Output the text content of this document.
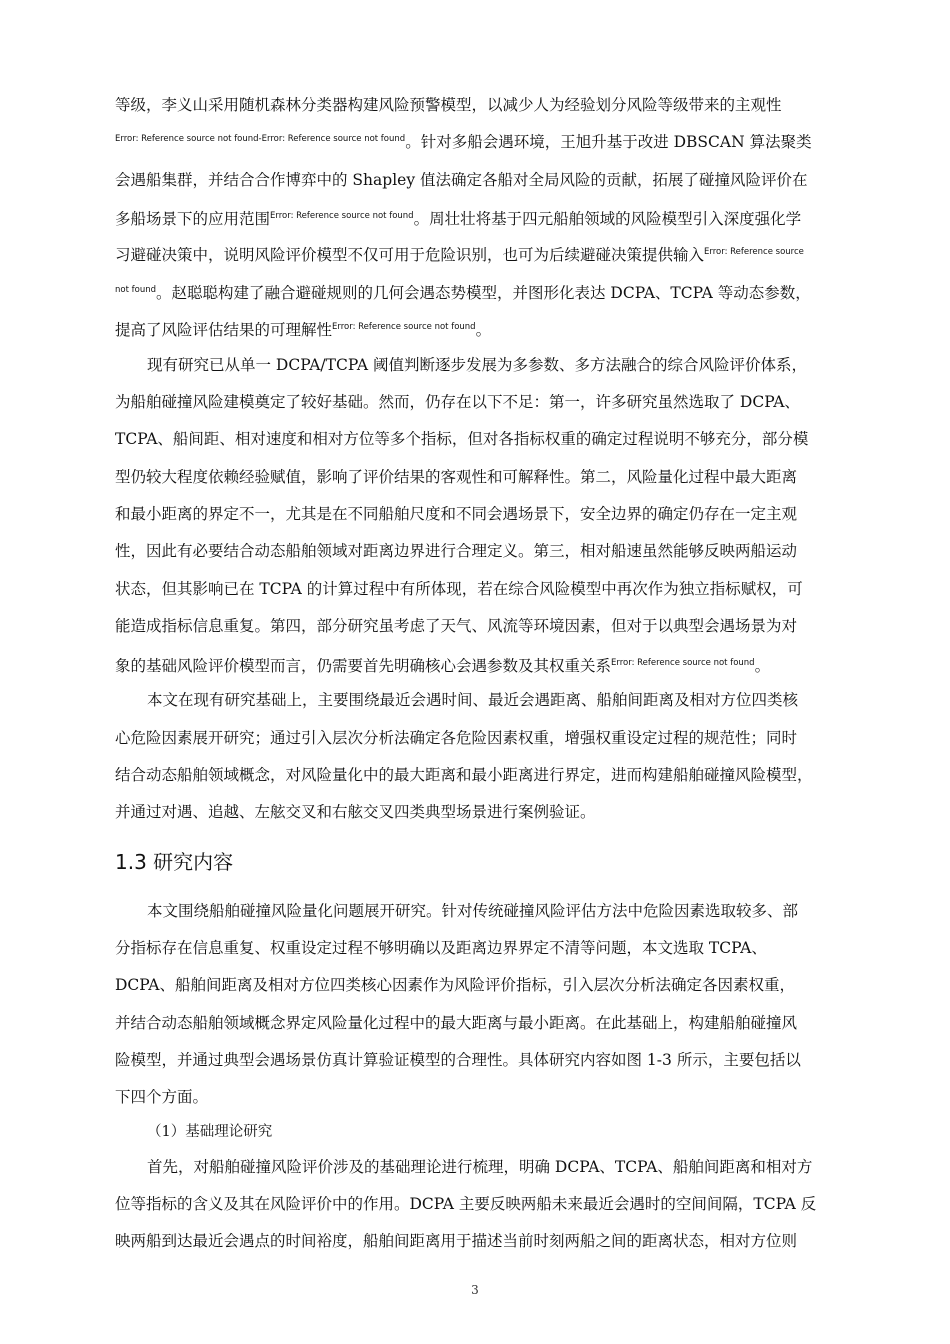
等级，李义山采用随机森林分类器构建风险预警模型，以减少人为经验划分风险等级带来的主观性
$^{Error: Reference source not found-Error: Reference source not found}$。针对多船会遇环境，王旭升基于改进 DBSCAN 算法聚类
会遇船集群，并结合合作博弈中的 Shapley 值法确定各船对全局风险的贡献，拓展了碰撞风险评价在
多船场景下的应用范围$^{Error: Reference source not found}$。周壮壮将基于四元船舶领域的风险模型引入深度强化学
习避碰决策中，说明风险评价模型不仅可用于危险识别，也可为后续避碰决策提供输入$^{Error: Reference source}$
$^{not found}$。赵聪聪构建了融合避碰规则的几何会遇态势模型，并图形化表达 DCPA、TCPA 等动态参数，
提高了风险评估结果的可理解性$^{Error: Reference source not found}$。
现有研究已从单一 DCPA/TCPA 阈值判断逐步发展为多参数、多方法融合的综合风险评价体系，
为船舶碰撞风险建模奠定了较好基础。然而，仍存在以下不足：第一，许多研究虽然选取了 DCPA、
TCPA、船间距、相对速度和相对方位等多个指标，但对各指标权重的确定过程说明不够充分，部分模
型仍较大程度依赖经验赋值，影响了评价结果的客观性和可解释性。第二，风险量化过程中最大距离
和最小距离的界定不一，尤其是在不同船舶尺度和不同会遇场景下，安全边界的确定仍存在一定主观
性，因此有必要结合动态船舶领域对距离边界进行合理定义。第三，相对船速虽然能够反映两船运动
状态，但其影响已在 TCPA 的计算过程中有所体现，若在综合风险模型中再次作为独立指标赋权，可
能造成指标信息重复。第四，部分研究虽考虑了天气、风流等环境因素，但对于以典型会遇场景为对
象的基础风险评价模型而言，仍需要首先明确核心会遇参数及其权重关系$^{Error: Reference source not found}$。
本文在现有研究基础上，主要围绕最近会遇时间、最近会遇距离、船舶间距离及相对方位四类核
心危险因素展开研究；通过引入层次分析法确定各危险因素权重，增强权重设定过程的规范性；同时
结合动态船舶领域概念，对风险量化中的最大距离和最小距离进行界定，进而构建船舶碰撞风险模型，
并通过对遇、追越、左舷交叉和右舷交叉四类典型场景进行案例验证。
1.3 研究内容
本文围绕船舶碰撞风险量化问题展开研究。针对传统碰撞风险评估方法中危险因素选取较多、部
分指标存在信息重复、权重设定过程不够明确以及距离边界界定不清等问题，本文选取 TCPA、
DCPA、船舶间距离及相对方位四类核心因素作为风险评价指标，引入层次分析法确定各因素权重，
并结合动态船舶领域概念界定风险量化过程中的最大距离与最小距离。在此基础上，构建船舶碰撞风
险模型，并通过典型会遇场景仿真计算验证模型的合理性。具体研究内容如图 1-3 所示，主要包括以
下四个方面。
（1）基础理论研究
首先，对船舶碰撞风险评价涉及的基础理论进行梳理，明确 DCPA、TCPA、船舶间距离和相对方
位等指标的含义及其在风险评价中的作用。DCPA 主要反映两船未来最近会遇时的空间间隔，TCPA 反
映两船到达最近会遇点的时间裕度，船舶间距离用于描述当前时刻两船之间的距离状态，相对方位则
3
